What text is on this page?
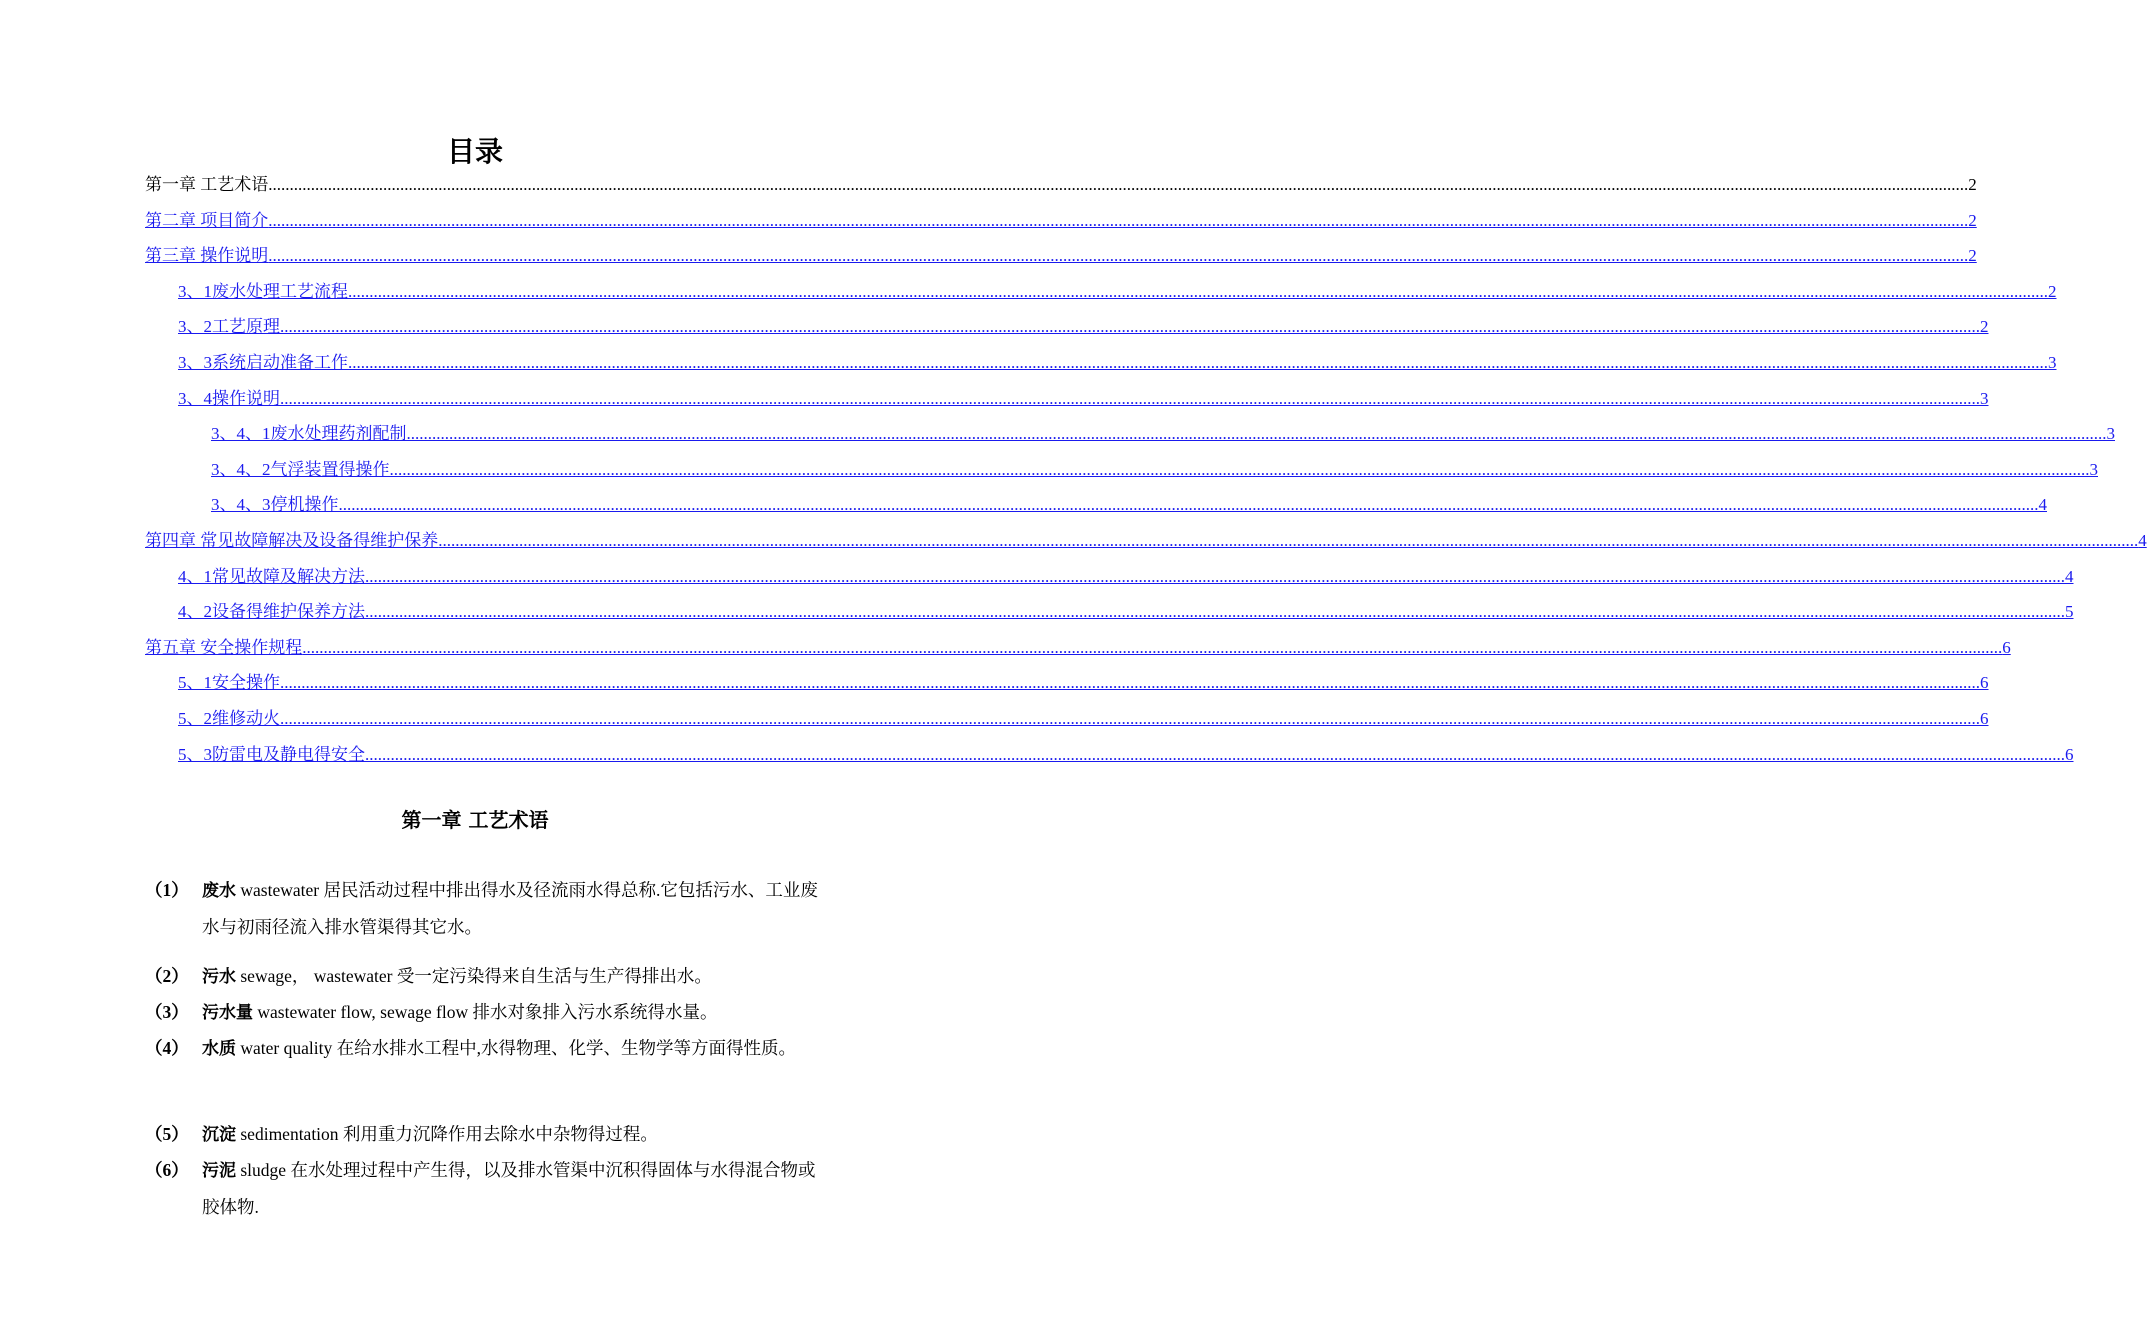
目录
第一章 工艺术语 ................................................................................................................................................................................................................................................................................................................................................................................................................ 2
第二章 项目简介 ................................................................................................................................................................................................................................................................................................................................................................................................................ 2
第三章 操作说明 ................................................................................................................................................................................................................................................................................................................................................................................................................ 2
3、1废水处理工艺流程 ................................................................................................................................................................................................................................................................................................................................................................................................................ 2
3、2工艺原理 ................................................................................................................................................................................................................................................................................................................................................................................................................ 2
3、3系统启动准备工作 ................................................................................................................................................................................................................................................................................................................................................................................................................ 3
3、4操作说明 ................................................................................................................................................................................................................................................................................................................................................................................................................ 3
3、4、1废水处理药剂配制 ................................................................................................................................................................................................................................................................................................................................................................................................................ 3
3、4、2气浮装置得操作 ................................................................................................................................................................................................................................................................................................................................................................................................................ 3
3、4、3停机操作 ................................................................................................................................................................................................................................................................................................................................................................................................................ 4
第四章 常见故障解决及设备得维护保养 ................................................................................................................................................................................................................................................................................................................................................................................................................ 4
4、1常见故障及解决方法 ................................................................................................................................................................................................................................................................................................................................................................................................................ 4
4、2设备得维护保养方法 ................................................................................................................................................................................................................................................................................................................................................................................................................ 5
第五章 安全操作规程 ................................................................................................................................................................................................................................................................................................................................................................................................................ 6
5、1安全操作 ................................................................................................................................................................................................................................................................................................................................................................................................................ 6
5、2维修动火 ................................................................................................................................................................................................................................................................................................................................................................................................................ 6
5、3防雷电及静电得安全 ................................................................................................................................................................................................................................................................................................................................................................................................................ 6
第一章 工艺术语
（1） 废水 wastewater 居民活动过程中排出得水及径流雨水得总称.它包括污水、工业废水与初雨径流入排水管渠得其它水。
（2） 污水 sewage， wastewater 受一定污染得来自生活与生产得排出水。
（3） 污水量 wastewater flow, sewage flow 排水对象排入污水系统得水量。
（4） 水质 water quality 在给水排水工程中,水得物理、化学、生物学等方面得性质。
（5） 沉淀 sedimentation 利用重力沉降作用去除水中杂物得过程。
（6） 污泥 sludge 在水处理过程中产生得，以及排水管渠中沉积得固体与水得混合物或胶体物.
